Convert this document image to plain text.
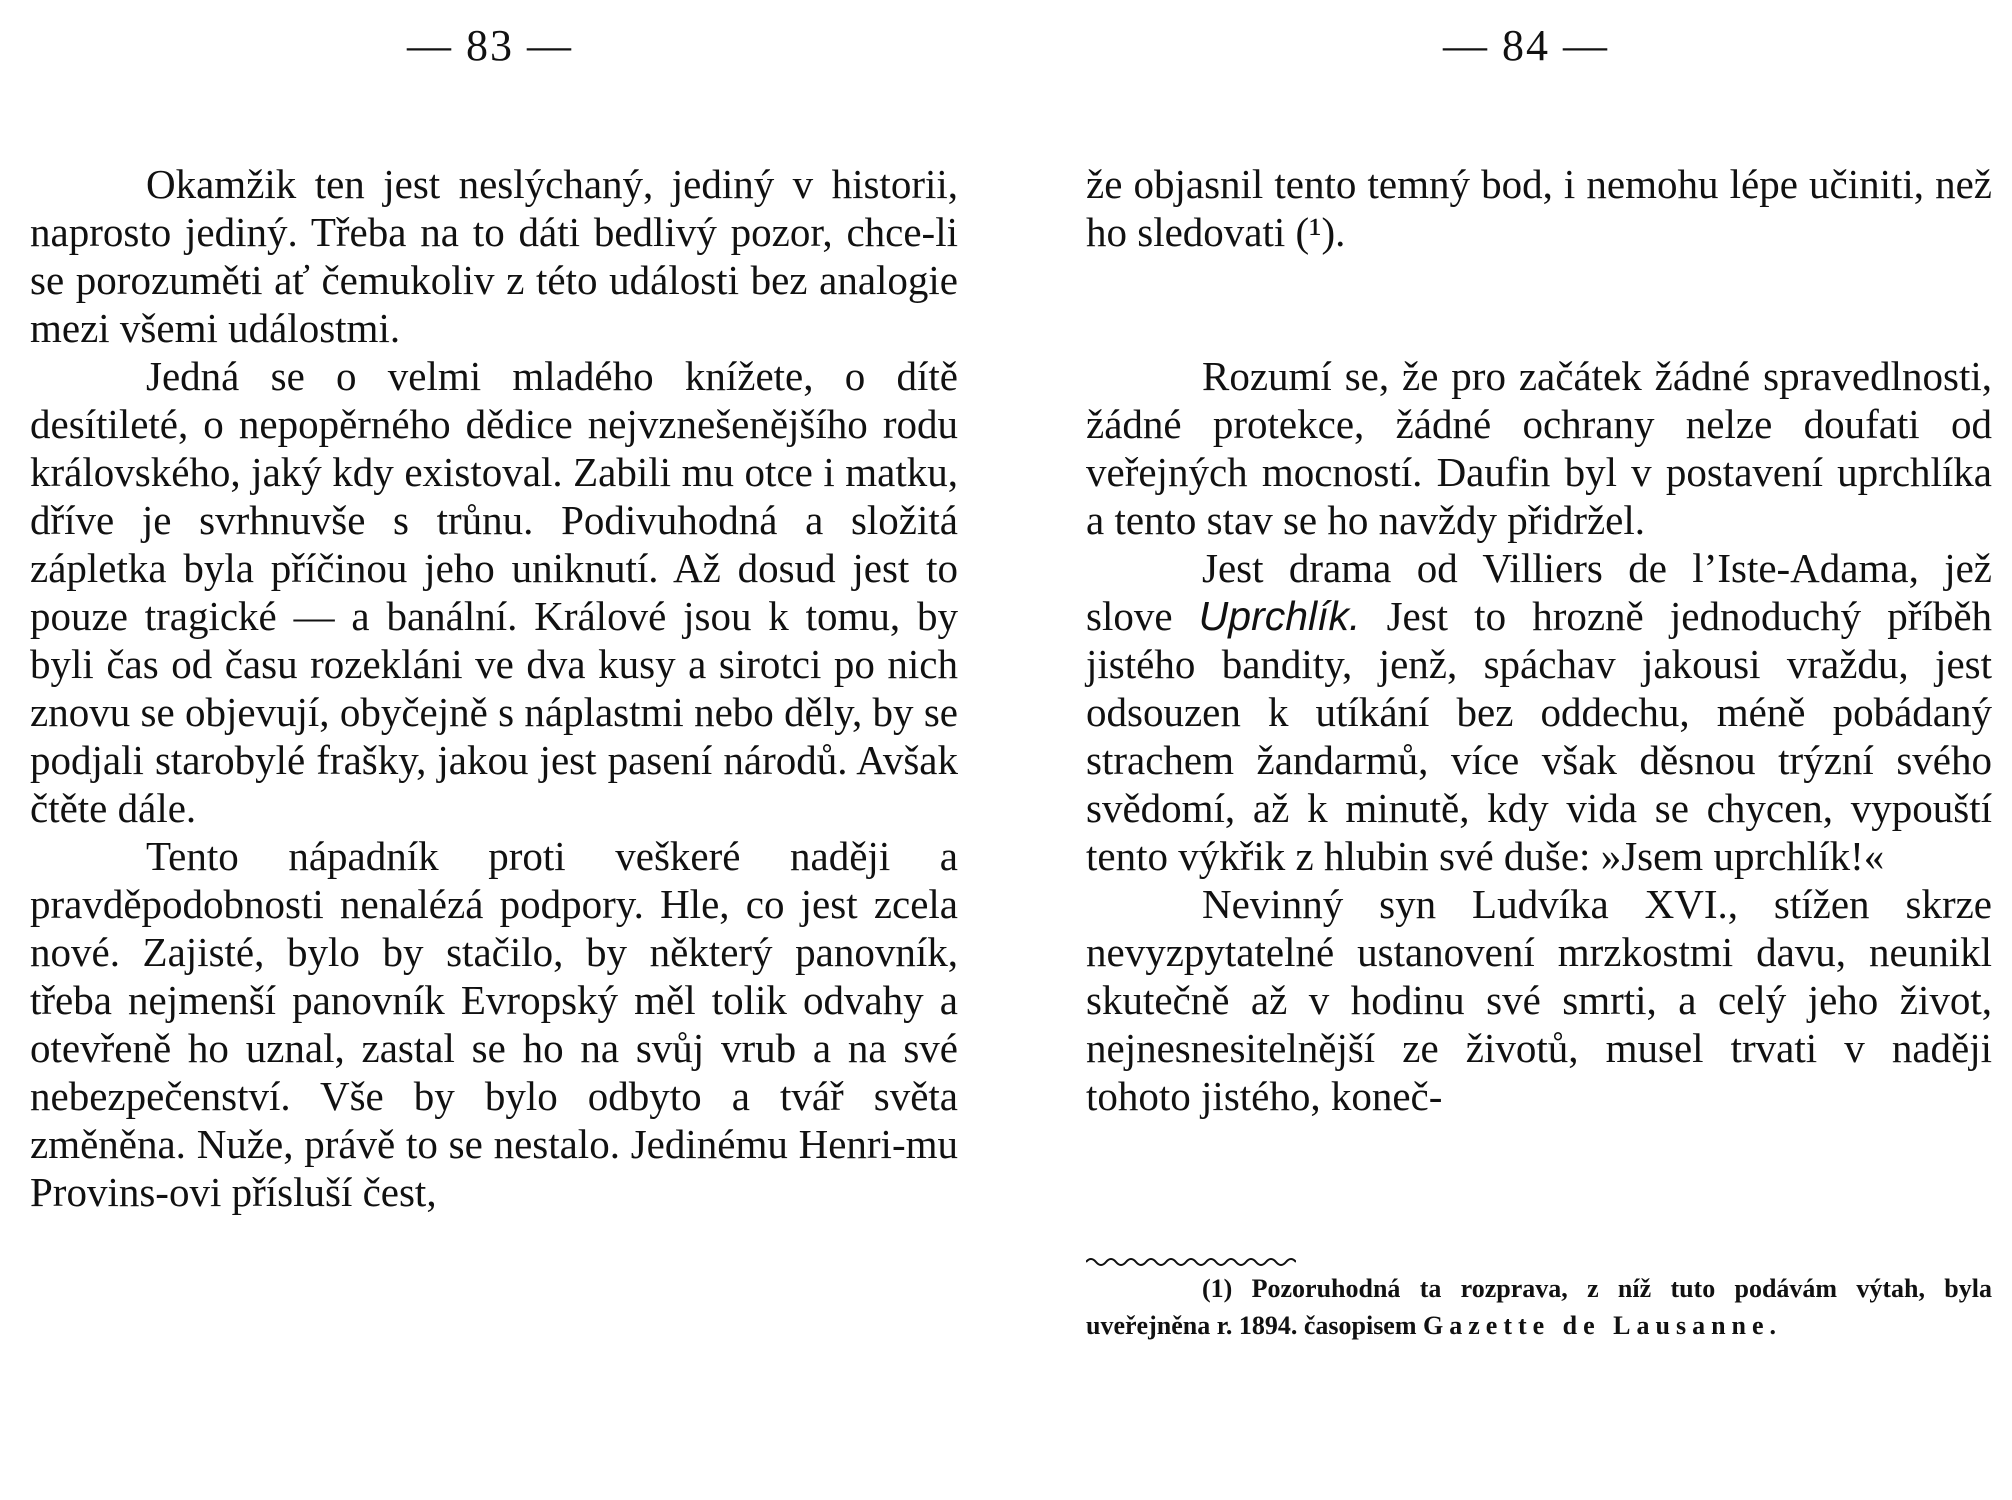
— 83 —

Okamžik ten jest neslýchaný, jediný v historii, naprosto jediný. Třeba na to dáti bedlivý pozor, chce-li se porozuměti ať čemukoliv z této události bez analogie mezi všemi událostmi.

Jedná se o velmi mladého knížete, o dítě desítileté, o nepopěrného dědice nejvznešenějšího rodu královského, jaký kdy existoval. Zabili mu otce i matku, dříve je svrhnuvše s trůnu. Podivuhodná a složitá zápletka byla příčinou jeho uniknutí. Až dosud jest to pouze tragické — a banální. Králové jsou k tomu, by byli čas od času rozekláni ve dva kusy a sirotci po nich znovu se objevují, obyčejně s náplastmi nebo děly, by se podjali starobylé frašky, jakou jest pasení národů. Avšak čtěte dále.

Tento nápadník proti veškeré naději a pravděpodobnosti nenalézá podpory. Hle, co jest zcela nové. Zajisté, bylo by stačilo, by některý panovník, třeba nejmenší panovník Evropský měl tolik odvahy a otevřeně ho uznal, zastal se ho na svůj vrub a na své nebezpečenství. Vše by bylo odbyto a tvář světa změněna. Nuže, právě to se nestalo. Jedinému Henri-mu Provins-ovi přísluší čest,

— 84 —

že objasnil tento temný bod, i nemohu lépe učiniti, než ho sledovati (¹).

Rozumí se, že pro začátek žádné spravedlnosti, žádné protekce, žádné ochrany nelze doufati od veřejných mocností. Daufin byl v postavení uprchlíka a tento stav se ho navždy přidržel.

Jest drama od Villiers de l’Iste-Adama, jež slove Uprchlík. Jest to hrozně jednoduchý příběh jistého bandity, jenž, spáchav jakousi vraždu, jest odsouzen k utíkání bez oddechu, méně pobádaný strachem žandarmů, více však děsnou trýzní svého svědomí, až k minutě, kdy vida se chycen, vypouští tento výkřik z hlubin své duše: »Jsem uprchlík!«

Nevinný syn Ludvíka XVI., stížen skrze nevyzpytatelné ustanovení mrzkostmi davu, neunikl skutečně až v hodinu své smrti, a celý jeho život, nejnesnesitelnější ze životů, musel trvati v naději tohoto jistého, koneč-

(1) Pozoruhodná ta rozprava, z níž tuto podávám výtah, byla uveřejněna r. 1894. časopisem Gazette de Lausanne.
